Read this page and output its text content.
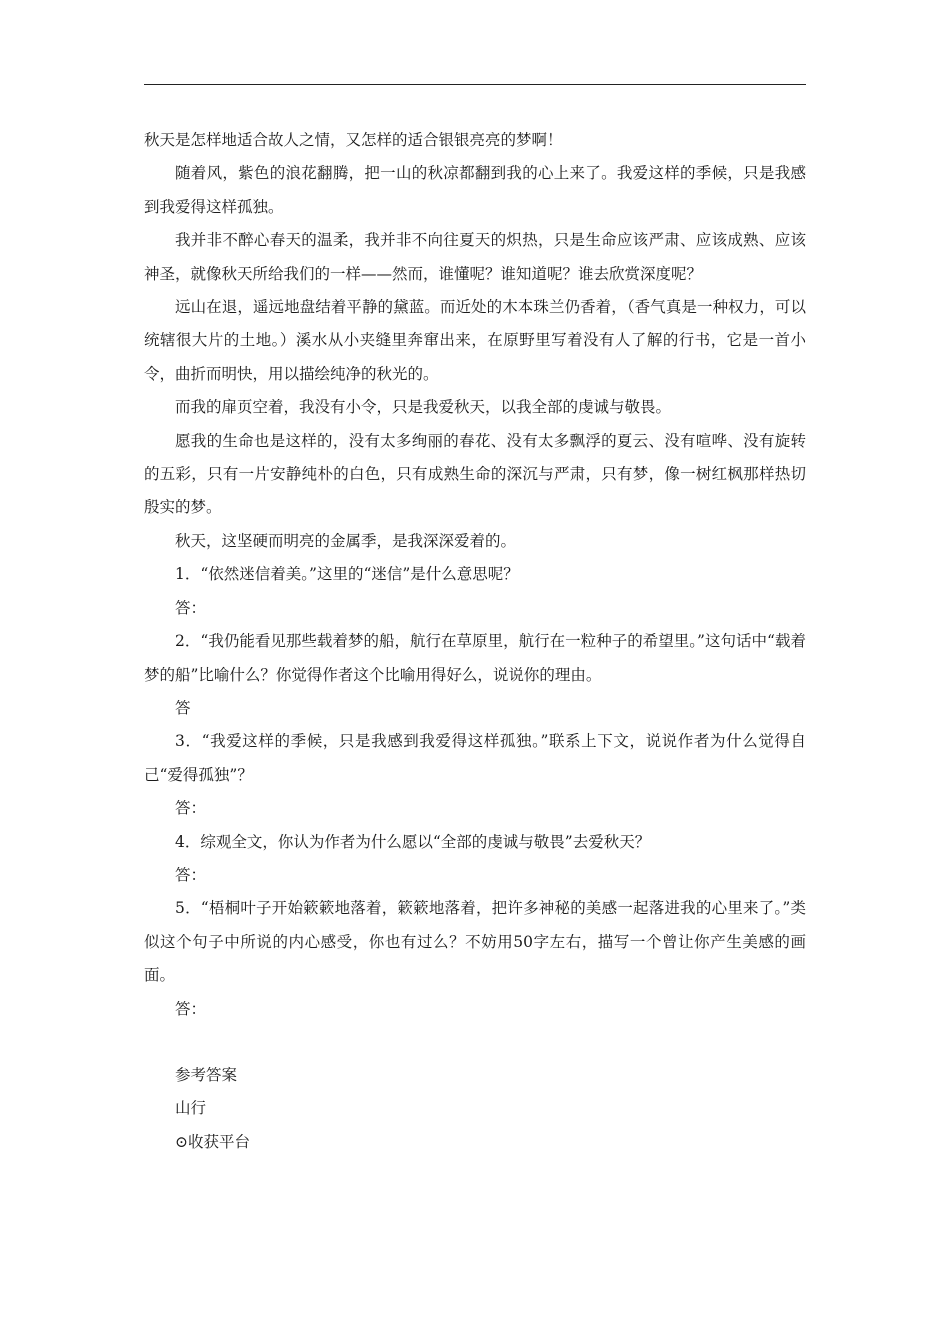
秋天是怎样地适合故人之情，又怎样的适合银银亮亮的梦啊！

随着风，紫色的浪花翻腾，把一山的秋凉都翻到我的心上来了。我爱这样的季候，只是我感到我爱得这样孤独。

我并非不醉心春天的温柔，我并非不向往夏天的炽热，只是生命应该严肃、应该成熟、应该神圣，就像秋天所给我们的一样——然而，谁懂呢？谁知道呢？谁去欣赏深度呢？

远山在退，遥远地盘结着平静的黛蓝。而近处的木本珠兰仍香着，（香气真是一种权力，可以统辖很大片的土地。）溪水从小夹缝里奔窜出来，在原野里写着没有人了解的行书，它是一首小令，曲折而明快，用以描绘纯净的秋光的。

而我的扉页空着，我没有小令，只是我爱秋天，以我全部的虔诚与敬畏。

愿我的生命也是这样的，没有太多绚丽的春花、没有太多飘浮的夏云、没有喧哗、没有旋转的五彩，只有一片安静纯朴的白色，只有成熟生命的深沉与严肃，只有梦，像一树红枫那样热切殷实的梦。

秋天，这坚硬而明亮的金属季，是我深深爱着的。

1．“依然迷信着美。”这里的“迷信”是什么意思呢？

答：

2．“我仍能看见那些载着梦的船，航行在草原里，航行在一粒种子的希望里。”这句话中“载着梦的船”比喻什么？你觉得作者这个比喻用得好么，说说你的理由。

答

3．“我爱这样的季候，只是我感到我爱得这样孤独。”联系上下文，说说作者为什么觉得自己“爱得孤独”？

答：

4．综观全文，你认为作者为什么愿以“全部的虔诚与敬畏”去爱秋天？

答：

5．“梧桐叶子开始簌簌地落着，簌簌地落着，把许多神秘的美感一起落进我的心里来了。”类似这个句子中所说的内心感受，你也有过么？不妨用50字左右，描写一个曾让你产生美感的画面。

答：

参考答案

山行

⊙收获平台
